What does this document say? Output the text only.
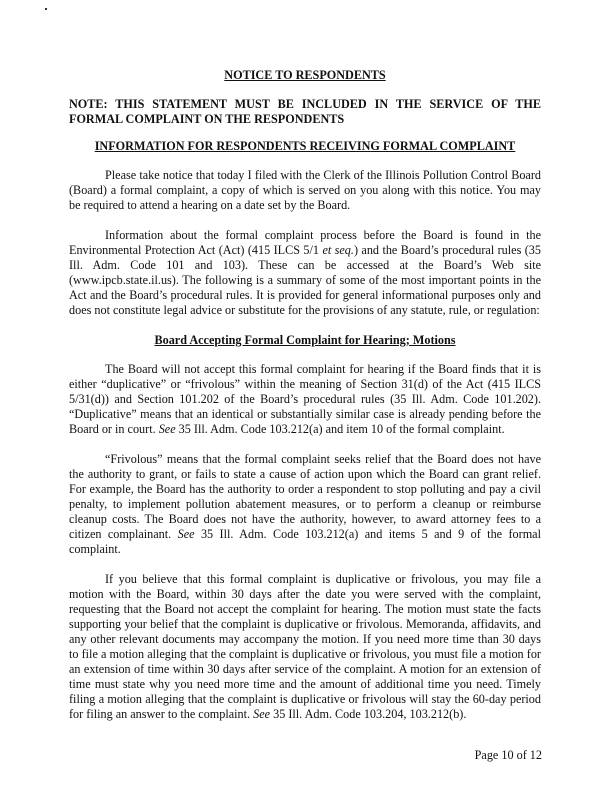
NOTICE TO RESPONDENTS
NOTE: THIS STATEMENT MUST BE INCLUDED IN THE SERVICE OF THE FORMAL COMPLAINT ON THE RESPONDENTS
INFORMATION FOR RESPONDENTS RECEIVING FORMAL COMPLAINT

Please take notice that today I filed with the Clerk of the Illinois Pollution Control Board (Board) a formal complaint, a copy of which is served on you along with this notice. You may be required to attend a hearing on a date set by the Board.

Information about the formal complaint process before the Board is found in the Environmental Protection Act (Act) (415 ILCS 5/1 et seq.) and the Board’s procedural rules (35 Ill. Adm. Code 101 and 103). These can be accessed at the Board’s Web site (www.ipcb.state.il.us). The following is a summary of some of the most important points in the Act and the Board’s procedural rules. It is provided for general informational purposes only and does not constitute legal advice or substitute for the provisions of any statute, rule, or regulation:

Board Accepting Formal Complaint for Hearing; Motions

The Board will not accept this formal complaint for hearing if the Board finds that it is either “duplicative” or “frivolous” within the meaning of Section 31(d) of the Act (415 ILCS 5/31(d)) and Section 101.202 of the Board’s procedural rules (35 Ill. Adm. Code 101.202). “Duplicative” means that an identical or substantially similar case is already pending before the Board or in court. See 35 Ill. Adm. Code 103.212(a) and item 10 of the formal complaint.

“Frivolous” means that the formal complaint seeks relief that the Board does not have the authority to grant, or fails to state a cause of action upon which the Board can grant relief. For example, the Board has the authority to order a respondent to stop polluting and pay a civil penalty, to implement pollution abatement measures, or to perform a cleanup or reimburse cleanup costs. The Board does not have the authority, however, to award attorney fees to a citizen complainant. See 35 Ill. Adm. Code 103.212(a) and items 5 and 9 of the formal complaint.

If you believe that this formal complaint is duplicative or frivolous, you may file a motion with the Board, within 30 days after the date you were served with the complaint, requesting that the Board not accept the complaint for hearing. The motion must state the facts supporting your belief that the complaint is duplicative or frivolous. Memoranda, affidavits, and any other relevant documents may accompany the motion. If you need more time than 30 days to file a motion alleging that the complaint is duplicative or frivolous, you must file a motion for an extension of time within 30 days after service of the complaint. A motion for an extension of time must state why you need more time and the amount of additional time you need. Timely filing a motion alleging that the complaint is duplicative or frivolous will stay the 60-day period for filing an answer to the complaint. See 35 Ill. Adm. Code 103.204, 103.212(b).

Page 10 of 12
